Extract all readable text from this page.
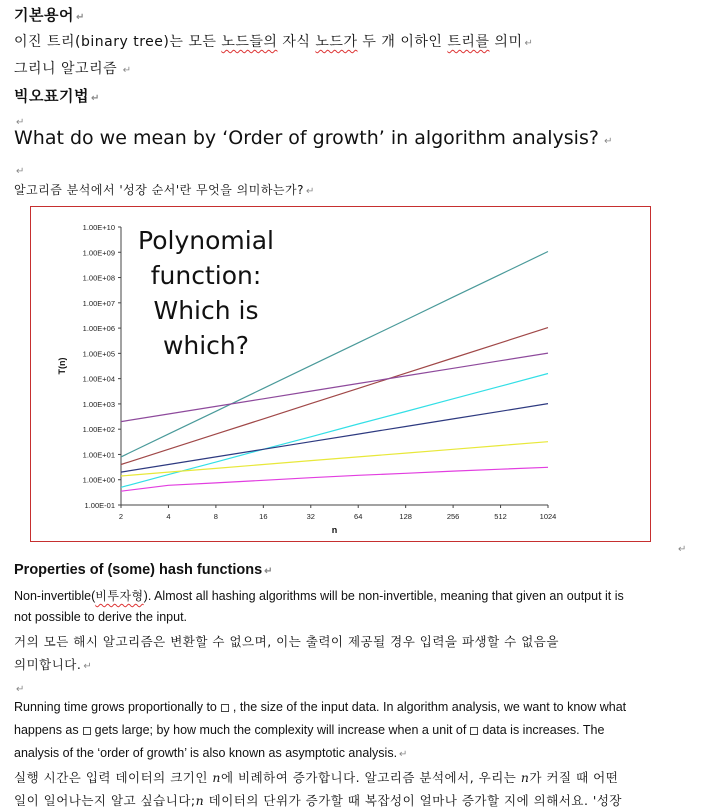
기본용어 ↵
이진 트리(binary tree)는 모든 노드들의 자식 노드가 두 개 이하인 트리를 의미 ↵
그리니 알고리즘 ↵
빅오표기법 ↵
↵
What do we mean by ‘Order of growth’ in algorithm analysis? ↵
↵
알고리즘 분석에서 '성장 순서'란 무엇을 의미하는가? ↵
Polynomial
function:
Which is
which?
1.00E-01
1.00E+00
1.00E+01
1.00E+02
1.00E+03
1.00E+04
1.00E+05
1.00E+06
1.00E+07
1.00E+08
1.00E+09
1.00E+10
2	4	8	16	32	64	128	256	512	1024
n
T(n)
↵
Properties of (some) hash functions ↵
Non-invertible(비투자형). Almost all hashing algorithms will be non-invertible, meaning that given an output it is
not possible to derive the input.
거의 모든 해시 알고리즘은 변환할 수 없으며, 이는 출력이 제공될 경우 입력을 파생할 수 없음을
의미합니다. ↵
↵
Running time grows proportionally to , the size of the input data. In algorithm analysis, we want to know what
happens as gets large; by how much the complexity will increase when a unit of data is increases. The
analysis of the ‘order of growth’ is also known as asymptotic analysis. ↵
실행 시간은 입력 데이터의 크기인 n에 비례하여 증가합니다. 알고리즘 분석에서, 우리는 n가 커질 때 어떤
일이 일어나는지 알고 싶습니다;n 데이터의 단위가 증가할 때 복잡성이 얼마나 증가할 지에 의해서요. '성장
